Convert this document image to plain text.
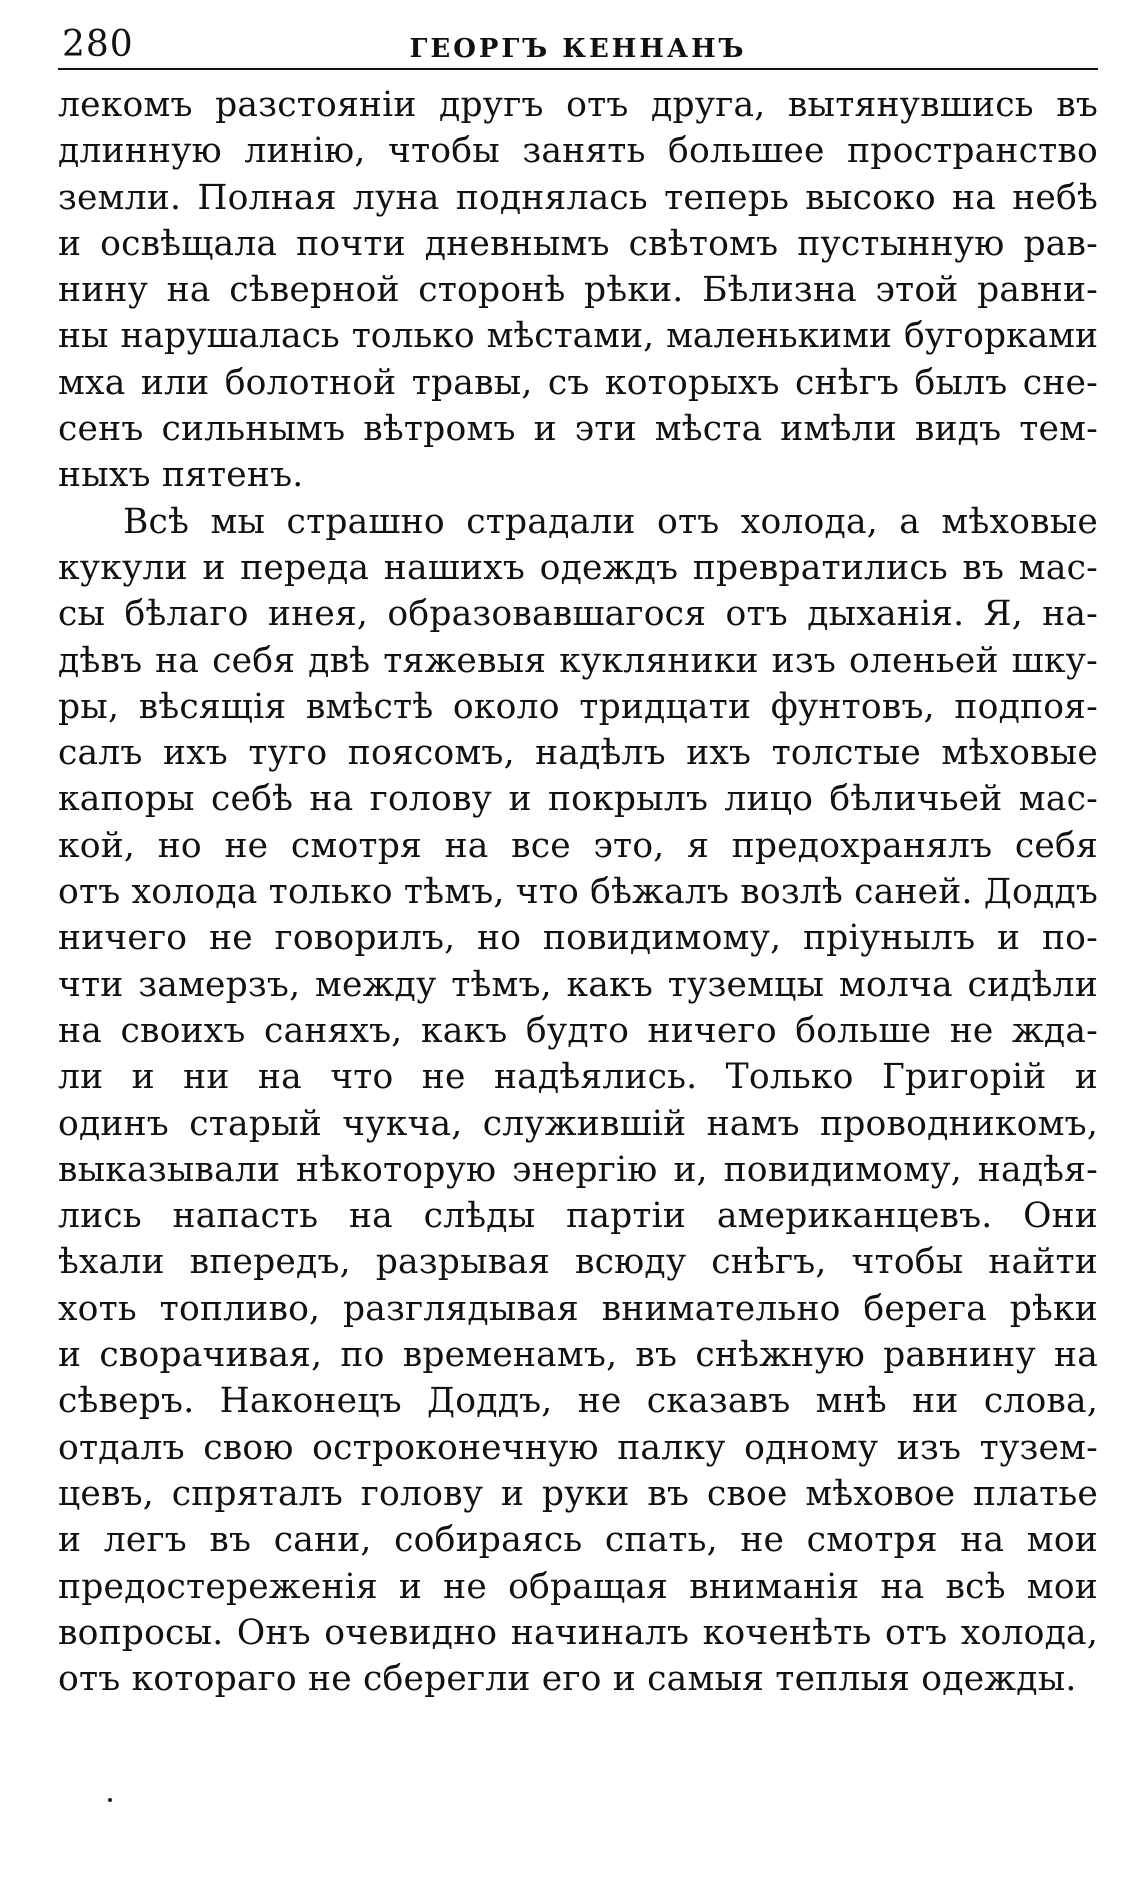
280	ГЕОРГЪ КЕННАНЪ
лекомъ разстояніи другъ отъ друга, вытянувшись въ
длинную линію, чтобы занять большее пространство
земли. Полная луна поднялась теперь высоко на небѣ
и освѣщала почти дневнымъ свѣтомъ пустынную рав-
нину на сѣверной сторонѣ рѣки. Бѣлизна этой равни-
ны нарушалась только мѣстами, маленькими бугорками
мха или болотной травы, съ которыхъ снѣгъ былъ сне-
сенъ сильнымъ вѣтромъ и эти мѣста имѣли видъ тем-
ныхъ пятенъ.
Всѣ мы страшно страдали отъ холода, а мѣховые
кукули и передa нашихъ одеждъ превратились въ мас-
сы бѣлаго инея, образовавшагося отъ дыханія. Я, на-
дѣвъ на себя двѣ тяжевыя кукляники изъ оленьей шку-
ры, вѣсящія вмѣстѣ около тридцати фунтовъ, подпоя-
салъ ихъ туго поясомъ, надѣлъ ихъ толстые мѣховые
капоры себѣ на голову и покрылъ лицо бѣличьей мас-
кой, но не смотря на все это, я предохранялъ себя
отъ холода только тѣмъ, что бѣжалъ возлѣ саней. Доддъ
ничего не говорилъ, но повидимому, пріунылъ и по-
чти замерзъ, между тѣмъ, какъ туземцы молча сидѣли
на своихъ саняхъ, какъ будто ничего больше не жда-
ли и ни на что не надѣялись. Только Григорій и
одинъ старый чукча, служившій намъ проводникомъ,
выказывали нѣкоторую энергію и, повидимому, надѣя-
лись напасть на слѣды партіи американцевъ. Они
ѣхали впередъ, разрывая всюду снѣгъ, чтобы найти
хоть топливо, разглядывая внимательно берега рѣки
и сворачивая, по временамъ, въ снѣжную равнину на
сѣверъ. Наконецъ Доддъ, не сказавъ мнѣ ни слова,
отдалъ свою остроконечную палку одному изъ тузем-
цевъ, спряталъ голову и руки въ свое мѣховое платье
и легъ въ сани, собираясь спать, не смотря на мои
предостереженія и не обращая вниманія на всѣ мои
вопросы. Онъ очевидно начиналъ коченѣть отъ холода,
отъ котораго не сберегли его и самыя теплыя одежды.
